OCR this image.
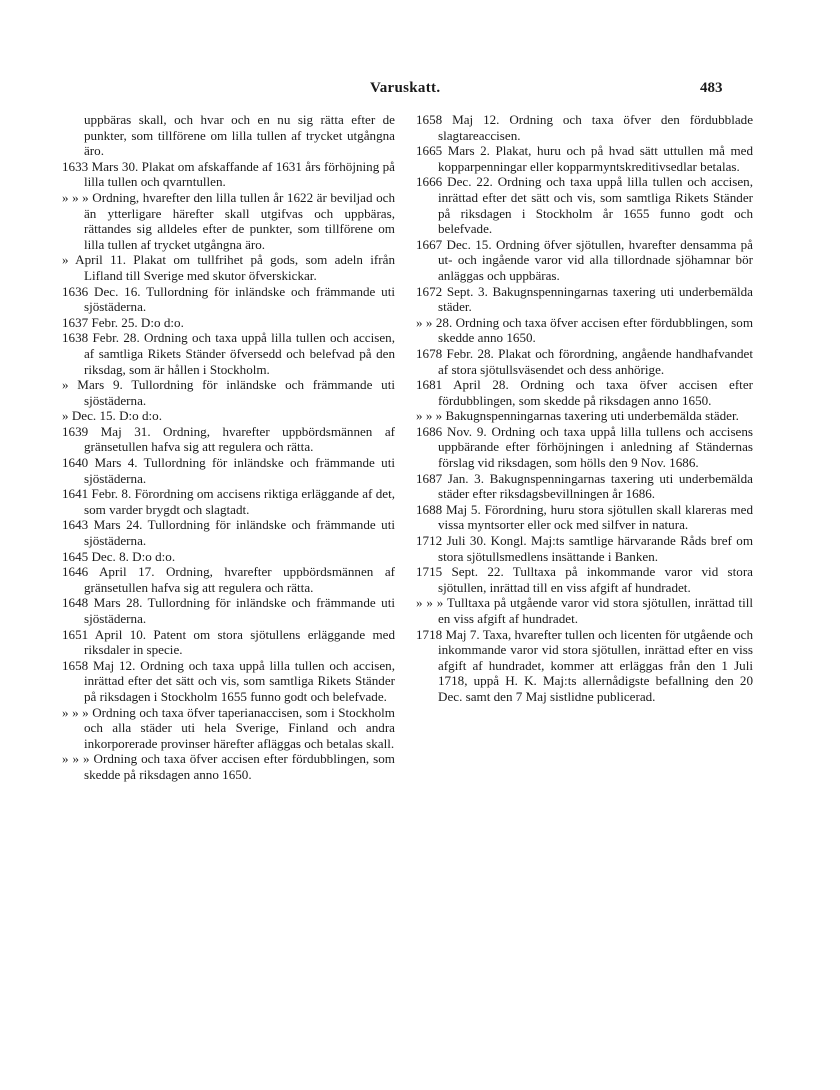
Varuskatt.	483

uppbäras skall, och hvar och en nu sig rätta efter de punkter, som tillförene om lilla tullen af trycket utgångna äro.

1633 Mars 30. Plakat om afskaffande af 1631 års förhöjning på lilla tullen och qvarntullen.

» » » Ordning, hvarefter den lilla tullen år 1622 är beviljad och än ytterligare härefter skall utgifvas och uppbäras, rättandes sig alldeles efter de punkter, som tillförene om lilla tullen af trycket utgångna äro.

» April 11. Plakat om tullfrihet på gods, som adeln ifrån Lifland till Sverige med skutor öfverskickar.

1636 Dec. 16. Tullordning för inländske och främmande uti sjöstäderna.

1637 Febr. 25. D:o d:o.

1638 Febr. 28. Ordning och taxa uppå lilla tullen och accisen, af samtliga Rikets Ständer öfversedd och belefvad på den riksdag, som är hållen i Stockholm.

» Mars 9. Tullordning för inländske och främmande uti sjöstäderna.

» Dec. 15. D:o d:o.

1639 Maj 31. Ordning, hvarefter uppbördsmännen af gränsetullen hafva sig att regulera och rätta.

1640 Mars 4. Tullordning för inländske och främmande uti sjöstäderna.

1641 Febr. 8. Förordning om accisens riktiga erläggande af det, som varder brygdt och slagtadt.

1643 Mars 24. Tullordning för inländske och främmande uti sjöstäderna.

1645 Dec. 8. D:o d:o.

1646 April 17. Ordning, hvarefter uppbördsmännen af gränsetullen hafva sig att regulera och rätta.

1648 Mars 28. Tullordning för inländske och främmande uti sjöstäderna.

1651 April 10. Patent om stora sjötullens erläggande med riksdaler in specie.

1658 Maj 12. Ordning och taxa uppå lilla tullen och accisen, inrättad efter det sätt och vis, som samtliga Rikets Ständer på riksdagen i Stockholm 1655 funno godt och belefvade.

» » » Ordning och taxa öfver taperianaccisen, som i Stockholm och alla städer uti hela Sverige, Finland och andra inkorporerade provinser härefter afläggas och betalas skall.

» » » Ordning och taxa öfver accisen efter fördubblingen, som skedde på riksdagen anno 1650.

1658 Maj 12. Ordning och taxa öfver den fördubblade slagtareaccisen.

1665 Mars 2. Plakat, huru och på hvad sätt uttullen må med kopparpenningar eller kopparmyntskreditivsedlar betalas.

1666 Dec. 22. Ordning och taxa uppå lilla tullen och accisen, inrättad efter det sätt och vis, som samtliga Rikets Ständer på riksdagen i Stockholm år 1655 funno godt och belefvade.

1667 Dec. 15. Ordning öfver sjötullen, hvarefter densamma på ut- och ingående varor vid alla tillordnade sjöhamnar bör anläggas och uppbäras.

1672 Sept. 3. Bakugnspenningarnas taxering uti underbemälda städer.

» » 28. Ordning och taxa öfver accisen efter fördubblingen, som skedde anno 1650.

1678 Febr. 28. Plakat och förordning, angående handhafvandet af stora sjötullsväsendet och dess anhörige.

1681 April 28. Ordning och taxa öfver accisen efter fördubblingen, som skedde på riksdagen anno 1650.

» » » Bakugnspenningarnas taxering uti underbemälda städer.

1686 Nov. 9. Ordning och taxa uppå lilla tullens och accisens uppbärande efter förhöjningen i anledning af Ständernas förslag vid riksdagen, som hölls den 9 Nov. 1686.

1687 Jan. 3. Bakugnspenningarnas taxering uti underbemälda städer efter riksdagsbevillningen år 1686.

1688 Maj 5. Förordning, huru stora sjötullen skall klareras med vissa myntsorter eller ock med silfver in natura.

1712 Juli 30. Kongl. Maj:ts samtlige härvarande Råds bref om stora sjötullsmedlens insättande i Banken.

1715 Sept. 22. Tulltaxa på inkommande varor vid stora sjötullen, inrättad till en viss afgift af hundradet.

» » » Tulltaxa på utgående varor vid stora sjötullen, inrättad till en viss afgift af hundradet.

1718 Maj 7. Taxa, hvarefter tullen och licenten för utgående och inkommande varor vid stora sjötullen, inrättad efter en viss afgift af hundradet, kommer att erläggas från den 1 Juli 1718, uppå H. K. Maj:ts allernådigste befallning den 20 Dec. samt den 7 Maj sistlidne publicerad.
